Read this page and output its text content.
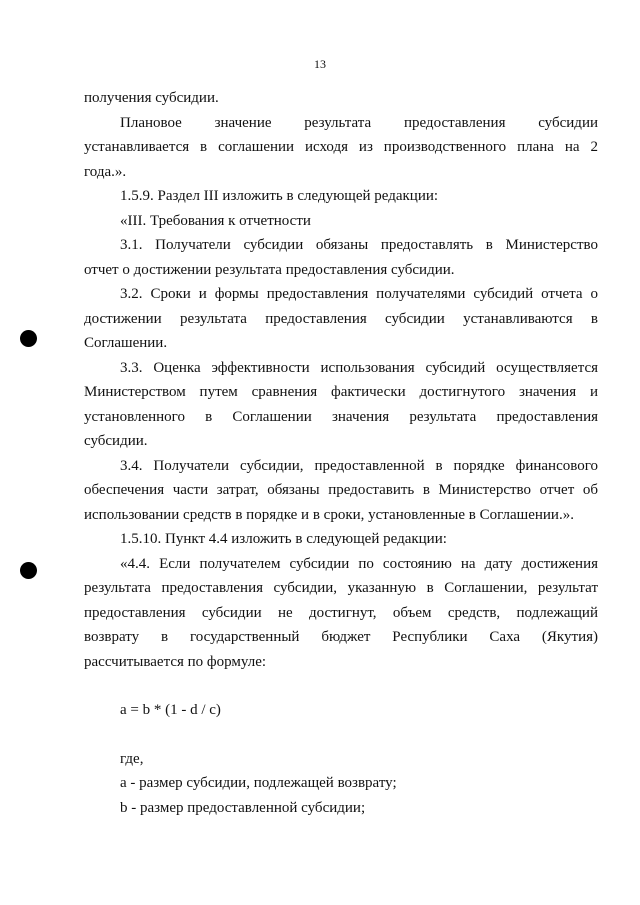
13
получения субсидии.
Плановое значение результата предоставления субсидии
устанавливается в соглашении исходя из производственного плана на 2
года.».
1.5.9. Раздел III изложить в следующей редакции:
«III. Требования к отчетности
3.1. Получатели субсидии обязаны предоставлять в Министерство
отчет о достижении результата предоставления субсидии.
3.2. Сроки и формы предоставления получателями субсидий отчета о
достижении результата предоставления субсидии устанавливаются в
Соглашении.
3.3. Оценка эффективности использования субсидий осуществляется
Министерством путем сравнения фактически достигнутого значения и
установленного в Соглашении значения результата предоставления
субсидии.
3.4. Получатели субсидии, предоставленной в порядке финансового
обеспечения части затрат, обязаны предоставить в Министерство отчет об
использовании средств в порядке и в сроки, установленные в Соглашении.».
1.5.10. Пункт 4.4 изложить в следующей редакции:
«4.4. Если получателем субсидии по состоянию на дату достижения
результата предоставления субсидии, указанную в Соглашении, результат
предоставления субсидии не достигнут, объем средств, подлежащий
возврату в государственный бюджет Республики Саха (Якутия)
рассчитывается по формуле:
a = b * (1 - d / c)
где,
a - размер субсидии, подлежащей возврату;
b - размер предоставленной субсидии;
